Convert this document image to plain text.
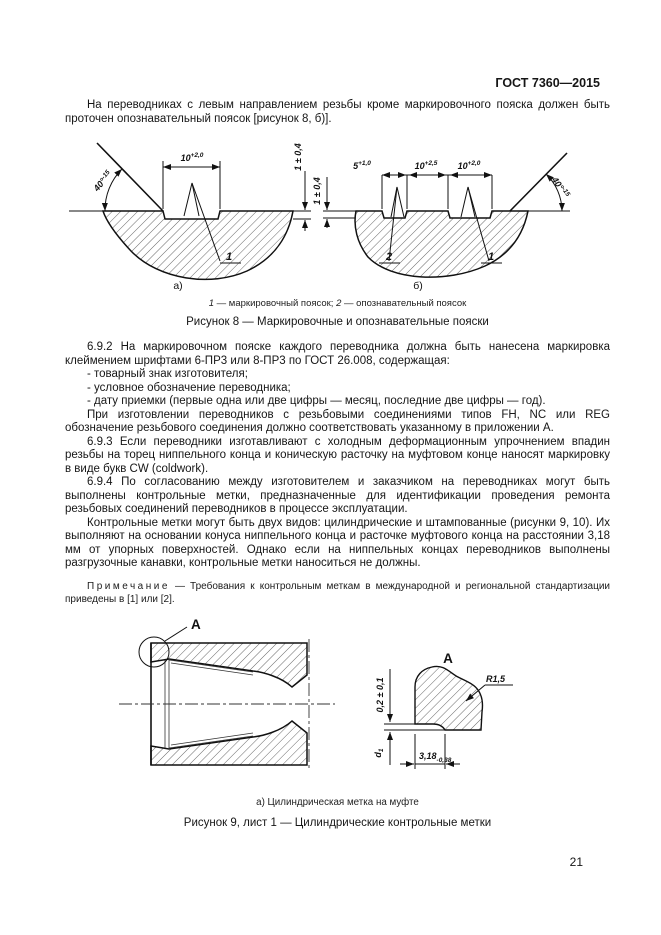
ГОСТ 7360—2015
На переводниках с левым направлением резьбы кроме маркировочного пояска должен быть проточен опознавательный поясок [рисунок 8, б)].
40°$^{-15}$
$10^{+2,0}$
1
1 ± 0,4
а)
40°$^{-15}$
$5^{+1,0}$	$10^{+2,5}$ $10^{+2,0}$
1 ± 0,4
2	1
б)
1 — маркировочный поясок; 2 — опознавательный поясок
Рисунок 8 — Маркировочные и опознавательные пояски
6.9.2 На маркировочном пояске каждого переводника должна быть нанесена маркировка клеймением шрифтами 6-ПР3 или 8-ПР3 по ГОСТ 26.008, содержащая:
- товарный знак изготовителя;
- условное обозначение переводника;
- дату приемки (первые одна или две цифры — месяц, последние две цифры — год).
При изготовлении переводников с резьбовыми соединениями типов FH, NC или REG обозначение резьбового соединения должно соответствовать указанному в приложении А.
6.9.3 Если переводники изготавливают с холодным деформационным упрочнением впадин резьбы на торец ниппельного конца и коническую расточку на муфтовом конце наносят маркировку в виде букв CW (coldwork).
6.9.4 По согласованию между изготовителем и заказчиком на переводниках могут быть выполнены контрольные метки, предназначенные для идентификации проведения ремонта резьбовых соединений переводников в процессе эксплуатации.
Контрольные метки могут быть двух видов: цилиндрические и штампованные (рисунки 9, 10). Их выполняют на основании конуса ниппельного конца и расточке муфтового конца на расстоянии 3,18 мм от упорных поверхностей. Однако если на ниппельных концах переводников выполнены разгрузочные канавки, контрольные метки наноситься не должны.
Примечание — Требования к контрольным меткам в международной и региональной стандартизации приведены в [1] или [2].
А
А
0,2 ± 0,1
$d_1$
$3,18_{-0,38}$
R1,5
а) Цилиндрическая метка на муфте
Рисунок 9, лист 1 — Цилиндрические контрольные метки
21
